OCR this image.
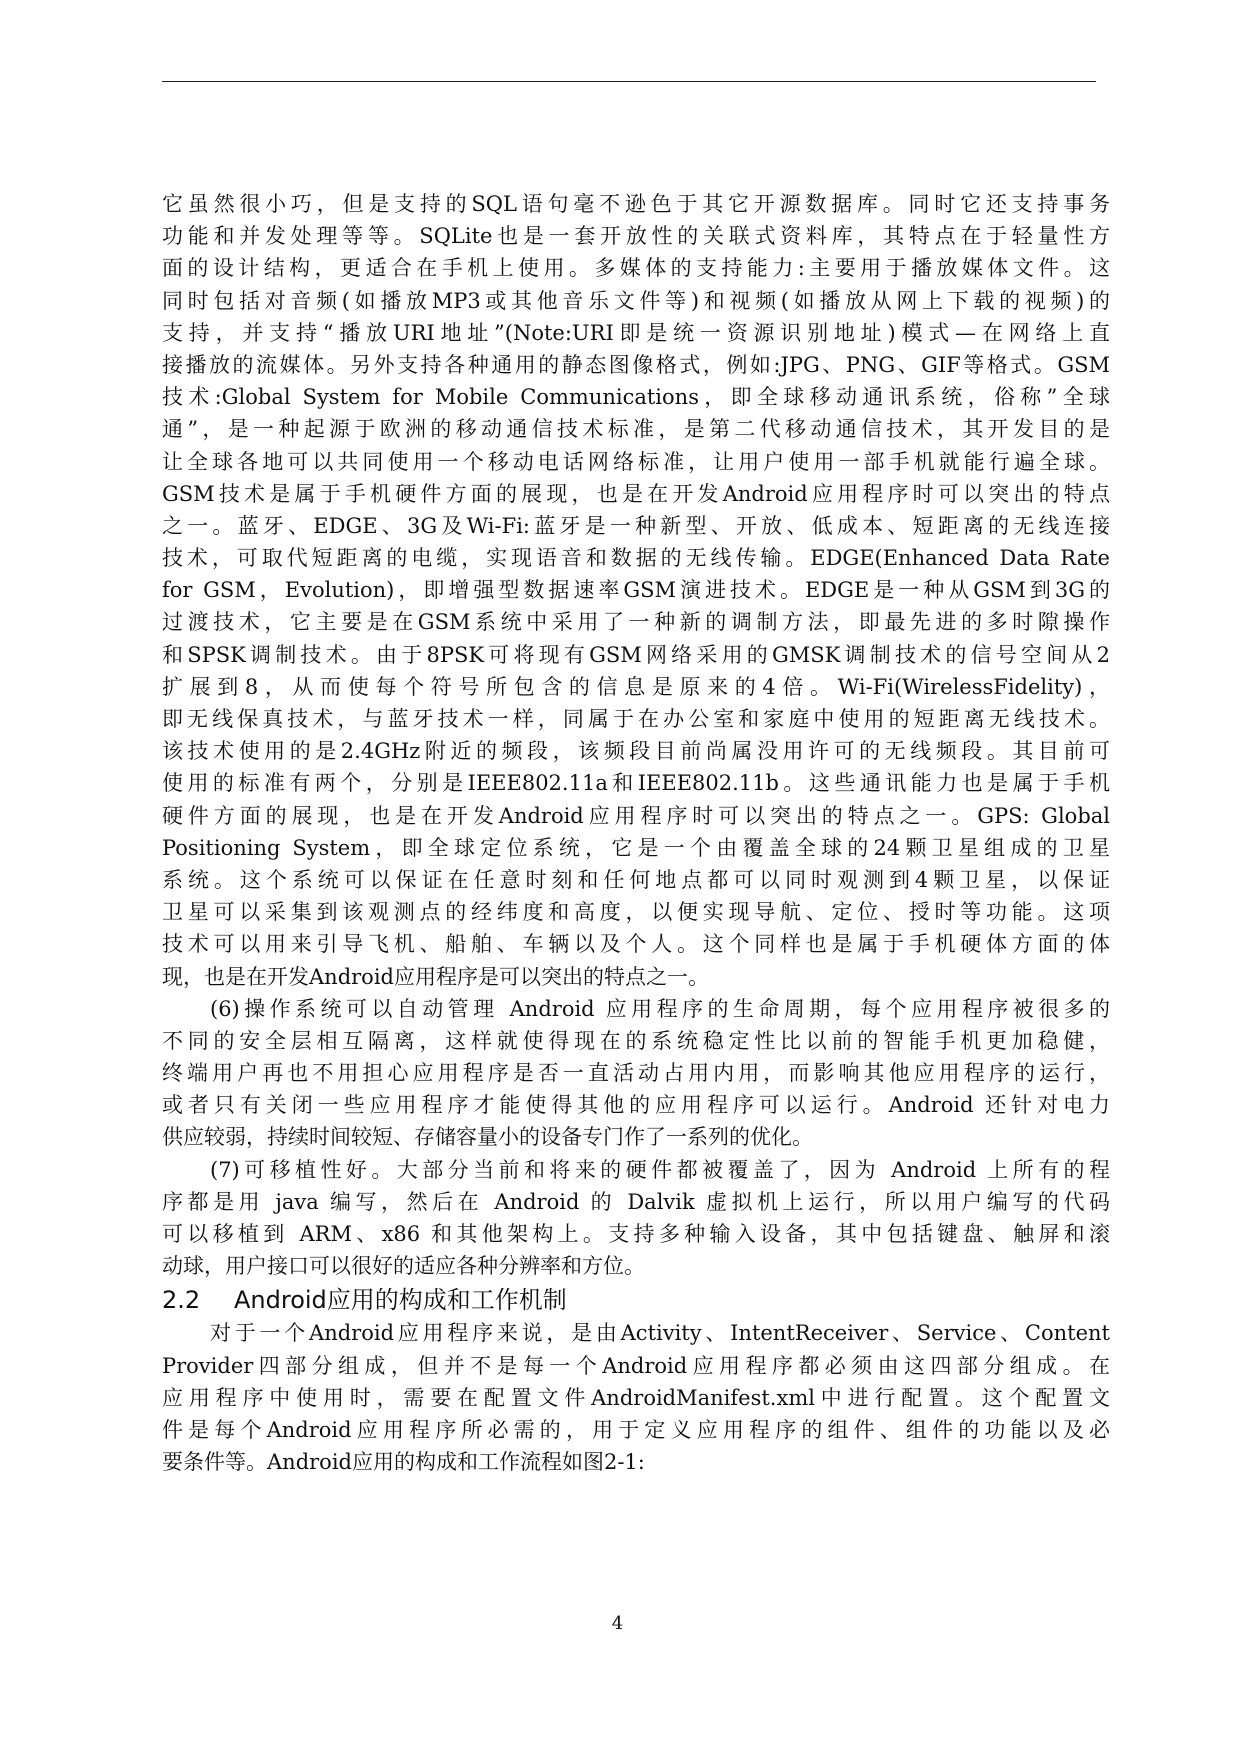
它虽然很小巧，但是支持的SQL语句毫不逊色于其它开源数据库。同时它还支持事务
功能和并发处理等等。SQLite也是一套开放性的关联式资料库，其特点在于轻量性方
面的设计结构，更适合在手机上使用。多媒体的支持能力:主要用于播放媒体文件。这
同时包括对音频(如播放MP3或其他音乐文件等)和视频(如播放从网上下载的视频)的
支持，并支持“播放URI地址”(Note:URI即是统一资源识别地址)模式—在网络上直
接播放的流媒体。另外支持各种通用的静态图像格式，例如:JPG、PNG、GIF等格式。GSM
技术:Global System for Mobile Communications，即全球移动通讯系统，俗称”全球
通”，是一种起源于欧洲的移动通信技术标准，是第二代移动通信技术，其开发目的是
让全球各地可以共同使用一个移动电话网络标准，让用户使用一部手机就能行遍全球。
GSM技术是属于手机硬件方面的展现，也是在开发Android应用程序时可以突出的特点
之一。蓝牙、EDGE、3G及Wi-Fi:蓝牙是一种新型、开放、低成本、短距离的无线连接
技术，可取代短距离的电缆，实现语音和数据的无线传输。EDGE(Enhanced Data Rate
for GSM，Evolution)，即增强型数据速率GSM演进技术。EDGE是一种从GSM到3G的
过渡技术，它主要是在GSM系统中采用了一种新的调制方法，即最先进的多时隙操作
和SPSK调制技术。由于8PSK可将现有GSM网络采用的GMSK调制技术的信号空间从2
扩展到8，从而使每个符号所包含的信息是原来的4倍。Wi-Fi(WirelessFidelity)，
即无线保真技术，与蓝牙技术一样，同属于在办公室和家庭中使用的短距离无线技术。
该技术使用的是2.4GHz附近的频段，该频段目前尚属没用许可的无线频段。其目前可
使用的标准有两个，分别是IEEE802.11a和IEEE802.11b。这些通讯能力也是属于手机
硬件方面的展现，也是在开发Android应用程序时可以突出的特点之一。GPS: Global
Positioning System，即全球定位系统，它是一个由覆盖全球的24颗卫星组成的卫星
系统。这个系统可以保证在任意时刻和任何地点都可以同时观测到4颗卫星，以保证
卫星可以采集到该观测点的经纬度和高度，以便实现导航、定位、授时等功能。这项
技术可以用来引导飞机、船舶、车辆以及个人。这个同样也是属于手机硬体方面的体
现，也是在开发Android应用程序是可以突出的特点之一。
(6)操作系统可以自动管理 Android 应用程序的生命周期，每个应用程序被很多的
不同的安全层相互隔离，这样就使得现在的系统稳定性比以前的智能手机更加稳健，
终端用户再也不用担心应用程序是否一直活动占用内用，而影响其他应用程序的运行，
或者只有关闭一些应用程序才能使得其他的应用程序可以运行。Android 还针对电力
供应较弱，持续时间较短、存储容量小的设备专门作了一系列的优化。
(7)可移植性好。大部分当前和将来的硬件都被覆盖了，因为 Android 上所有的程
序都是用 java 编写，然后在 Android 的 Dalvik 虚拟机上运行，所以用户编写的代码
可以移植到 ARM、x86 和其他架构上。支持多种输入设备，其中包括键盘、触屏和滚
动球，用户接口可以很好的适应各种分辨率和方位。
2.2 Android应用的构成和工作机制
对于一个Android应用程序来说，是由Activity、IntentReceiver、Service、Content
Provider四部分组成，但并不是每一个Android应用程序都必须由这四部分组成。在
应用程序中使用时，需要在配置文件AndroidManifest.xml中进行配置。这个配置文
件是每个Android应用程序所必需的，用于定义应用程序的组件、组件的功能以及必
要条件等。Android应用的构成和工作流程如图2-1:
4
